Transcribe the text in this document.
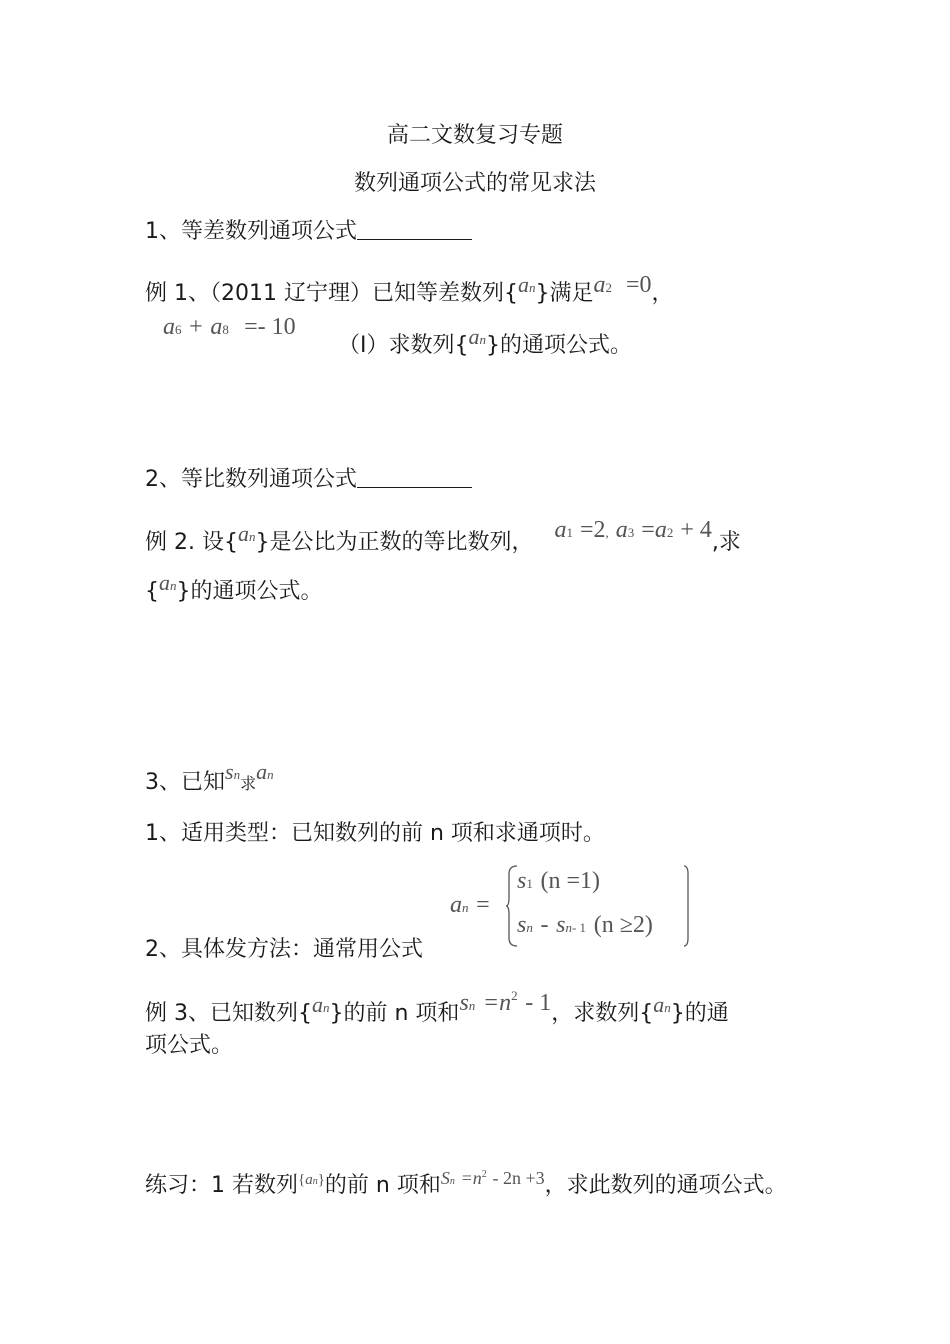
高二文数复习专题
数列通项公式的常见求法
1、等差数列通项公式
例 1、（2011 辽宁理）已知等差数列{an}满足a2 =0，
a6 + a8 =- 10
（Ⅰ）求数列{an}的通项公式。
2、等比数列通项公式
例 2. 设{an}是公比为正数的等比数列， a1 =2, a3 =a2 + 4,求
{an}的通项公式。
3、已知sn求an
1、适用类型：已知数列的前 n 项和求通项时。
2、具体发方法：通常用公式
an =
s1 (n =1)
sn - sn- 1 (n ≥2)
例 3、已知数列{an}的前 n 项和sn $=n^2 - 1$，求数列{an}的通
项公式。
练习：1 若数列$^{\{an\}}$的前 n 项和$^{Sn =n^2 - 2n +3}$，求此数列的通项公式。
